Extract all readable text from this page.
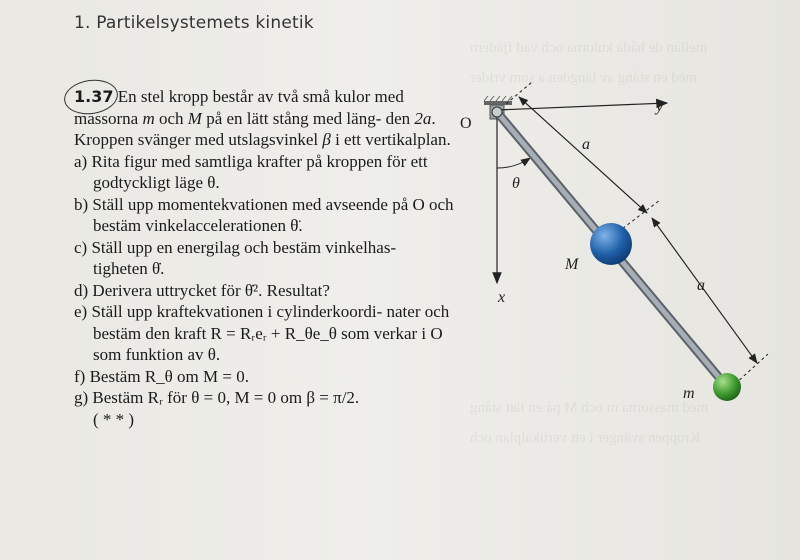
mellan de båda kulorna och vad fjädern
med en stång av längden a som vrider
med massorna m och M på en lätt stång
Kroppen svänger i ett vertikalplan och
1. Partikelsystemets kinetik

1.37 En stel kropp består av två små kulor med massorna m och M på en lätt stång med läng- den 2a. Kroppen svänger med utslagsvinkel β i ett vertikalplan.

a) Rita figur med samtliga krafter på kroppen för ett godtyckligt läge θ.
b) Ställ upp momentekvationen med avseende på O och bestäm vinkelaccelerationen θ̈.
c) Ställ upp en energilag och bestäm vinkelhas- tigheten θ̇.
d) Derivera uttrycket för θ̇². Resultat?
e) Ställ upp kraftekvationen i cylinderkoordi- nater och bestäm den kraft R = Rᵣeᵣ + R_θe_θ som verkar i O som funktion av θ.
f) Bestäm R_θ om M = 0.
g) Bestäm Rᵣ för θ = 0, M = 0 om β = π/2.
( * * )
O
y
x
θ
M
m
a
a
